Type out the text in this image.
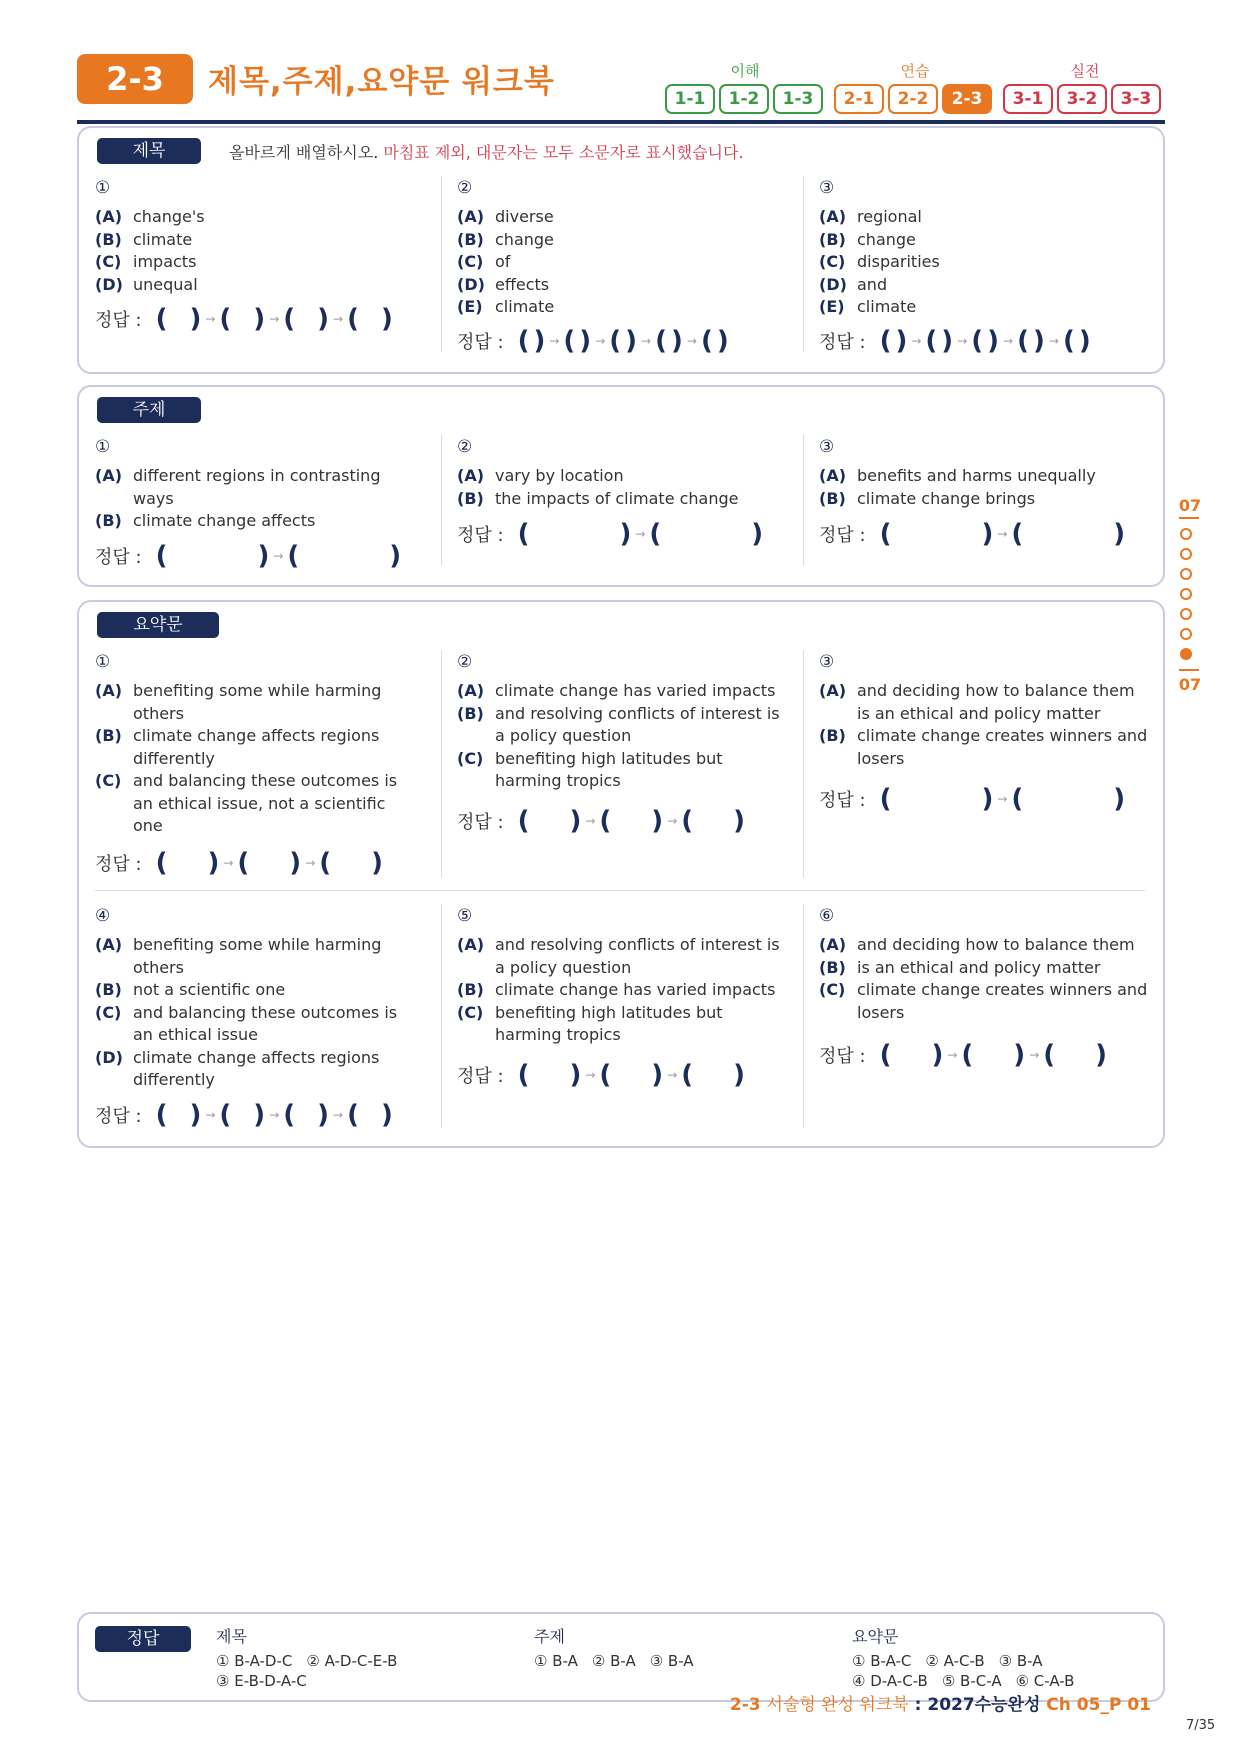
2-3	제목,주제,요약문 워크북	이해	연습	실전
1-1	1-2	1-3	2-1	2-2	2-3	3-1	3-2	3-3
07
07
제목	올바르게 배열하시오. 마침표 제외, 대문자는 모두 소문자로 표시했습니다.
①
(A) change's
(B) climate
(C) impacts
(D) unequal
정답 : ( ) → ( ) → ( ) → ( )
②
(A) diverse
(B) change
(C) of
(D) effects
(E) climate
정답 : ( ) → ( ) → ( ) → ( ) → ( )
③
(A) regional
(B) change
(C) disparities
(D) and
(E) climate
정답 : ( ) → ( ) → ( ) → ( ) → ( )
주제
①
(A) different regions in contrasting ways
(B) climate change affects
정답 : (	) → (	)
②
(A) vary by location
(B) the impacts of climate change
정답 : (	) → (	)
③
(A) benefits and harms unequally
(B) climate change brings
정답 : (	) → (	)
요약문
①
(A) benefiting some while harming others
(B) climate change affects regions differently
(C) and balancing these outcomes is an ethical issue, not a scientific one
정답 : ( ) → ( ) → ( )
②
(A) climate change has varied impacts
(B) and resolving conflicts of interest is a policy question
(C) benefiting high latitudes but harming tropics
정답 : ( ) → ( ) → ( )
③
(A) and deciding how to balance them is an ethical and policy matter
(B) climate change creates winners and losers
정답 : (	) → (	)
④
(A) benefiting some while harming others
(B) not a scientific one
(C) and balancing these outcomes is an ethical issue
(D) climate change affects regions differently
정답 : ( ) → ( ) → ( ) → ( )
⑤
(A) and resolving conflicts of interest is a policy question
(B) climate change has varied impacts
(C) benefiting high latitudes but harming tropics
정답 : ( ) → ( ) → ( )
⑥
(A) and deciding how to balance them
(B) is an ethical and policy matter
(C) climate change creates winners and losers
정답 : ( ) → ( ) → ( )
정답	제목
① B-A-D-C ② A-D-C-E-B
③ E-B-D-A-C
주제
① B-A ② B-A ③ B-A
요약문
① B-A-C ② A-C-B ③ B-A
④ D-A-C-B ⑤ B-C-A ⑥ C-A-B
2-3 서술형 완성 워크북 : 2027수능완성 Ch 05_P 01
7/35
